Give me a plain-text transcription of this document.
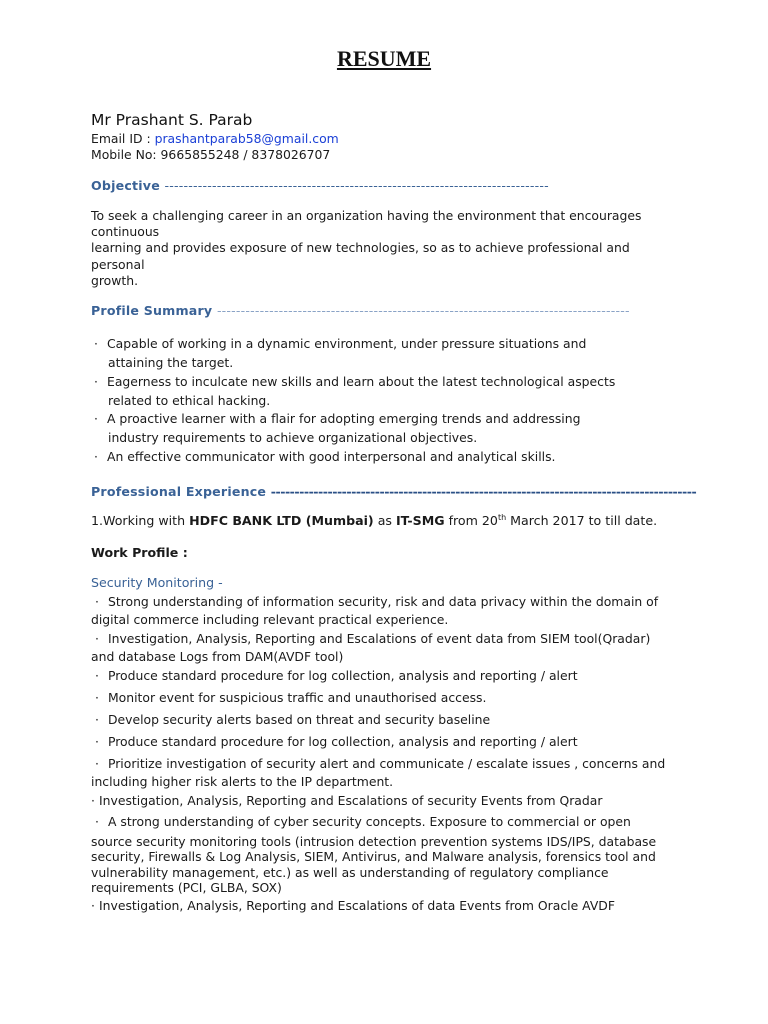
RESUME
Mr Prashant S. Parab
Email ID : prashantparab58@gmail.com
Mobile No: 9665855248 / 8378026707
Objective ---------------------------------------------------------------------------------
To seek a challenging career in an organization having the environment that encourages
continuous
learning and provides exposure of new technologies, so as to achieve professional and
personal
growth.
Profile Summary ---------------------------------------------------------------------------------------
· Capable of working in a dynamic environment, under pressure situations and
attaining the target.
· Eagerness to inculcate new skills and learn about the latest technological aspects
related to ethical hacking.
· A proactive learner with a flair for adopting emerging trends and addressing
industry requirements to achieve organizational objectives.
· An effective communicator with good interpersonal and analytical skills.
Professional Experience ------------------------------------------------------------------------------------------
1.Working with HDFC BANK LTD (Mumbai) as IT-SMG from 20th March 2017 to till date.
Work Profile :
Security Monitoring -
· Strong understanding of information security, risk and data privacy within the domain of
digital commerce including relevant practical experience.
· Investigation, Analysis, Reporting and Escalations of event data from SIEM tool(Qradar)
and database Logs from DAM(AVDF tool)
· Produce standard procedure for log collection, analysis and reporting / alert
· Monitor event for suspicious traffic and unauthorised access.
· Develop security alerts based on threat and security baseline
· Produce standard procedure for log collection, analysis and reporting / alert
· Prioritize investigation of security alert and communicate / escalate issues , concerns and
including higher risk alerts to the IP department.
· Investigation, Analysis, Reporting and Escalations of security Events from Qradar
· A strong understanding of cyber security concepts. Exposure to commercial or open
source security monitoring tools (intrusion detection prevention systems IDS/IPS, database
security, Firewalls & Log Analysis, SIEM, Antivirus, and Malware analysis, forensics tool and
vulnerability management, etc.) as well as understanding of regulatory compliance
requirements (PCI, GLBA, SOX)
· Investigation, Analysis, Reporting and Escalations of data Events from Oracle AVDF
